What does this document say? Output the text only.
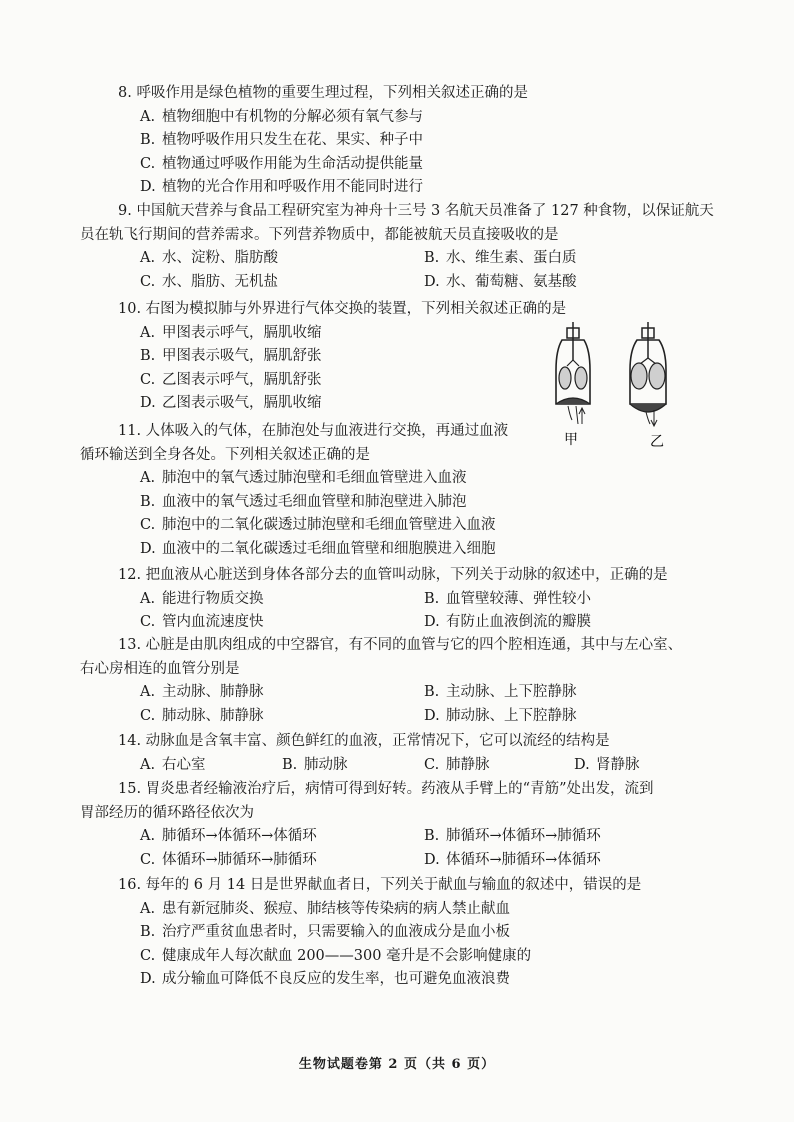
8. 呼吸作用是绿色植物的重要生理过程，下列相关叙述正确的是
A. 植物细胞中有机物的分解必须有氧气参与
B. 植物呼吸作用只发生在花、果实、种子中
C. 植物通过呼吸作用能为生命活动提供能量
D. 植物的光合作用和呼吸作用不能同时进行
9. 中国航天营养与食品工程研究室为神舟十三号 3 名航天员准备了 127 种食物，以保证航天员在轨飞行期间的营养需求。下列营养物质中，都能被航天员直接吸收的是
A. 水、淀粉、脂肪酸	B. 水、维生素、蛋白质
C. 水、脂肪、无机盐	D. 水、葡萄糖、氨基酸
10. 右图为模拟肺与外界进行气体交换的装置，下列相关叙述正确的是
A. 甲图表示呼气，膈肌收缩
B. 甲图表示吸气，膈肌舒张
C. 乙图表示呼气，膈肌舒张
D. 乙图表示吸气，膈肌收缩
甲	乙
11. 人体吸入的气体，在肺泡处与血液进行交换，再通过血液
循环输送到全身各处。下列相关叙述正确的是
A. 肺泡中的氧气透过肺泡壁和毛细血管壁进入血液
B. 血液中的氧气透过毛细血管壁和肺泡壁进入肺泡
C. 肺泡中的二氧化碳透过肺泡壁和毛细血管壁进入血液
D. 血液中的二氧化碳透过毛细血管壁和细胞膜进入细胞
12. 把血液从心脏送到身体各部分去的血管叫动脉，下列关于动脉的叙述中，正确的是
A. 能进行物质交换	B. 血管壁较薄、弹性较小
C. 管内血流速度快	D. 有防止血液倒流的瓣膜
13. 心脏是由肌肉组成的中空器官，有不同的血管与它的四个腔相连通，其中与左心室、
右心房相连的血管分别是
A. 主动脉、肺静脉	B. 主动脉、上下腔静脉
C. 肺动脉、肺静脉	D. 肺动脉、上下腔静脉
14. 动脉血是含氧丰富、颜色鲜红的血液，正常情况下，它可以流经的结构是
A. 右心室	B. 肺动脉	C. 肺静脉	D. 肾静脉
15. 胃炎患者经输液治疗后，病情可得到好转。药液从手臂上的“青筋”处出发，流到
胃部经历的循环路径依次为
A. 肺循环→体循环→体循环	B. 肺循环→体循环→肺循环
C. 体循环→肺循环→肺循环	D. 体循环→肺循环→体循环
16. 每年的 6 月 14 日是世界献血者日，下列关于献血与输血的叙述中，错误的是
A. 患有新冠肺炎、猴痘、肺结核等传染病的病人禁止献血
B. 治疗严重贫血患者时，只需要输入的血液成分是血小板
C. 健康成年人每次献血 200——300 毫升是不会影响健康的
D. 成分输血可降低不良反应的发生率，也可避免血液浪费
生物试题卷第 2 页（共 6 页）
